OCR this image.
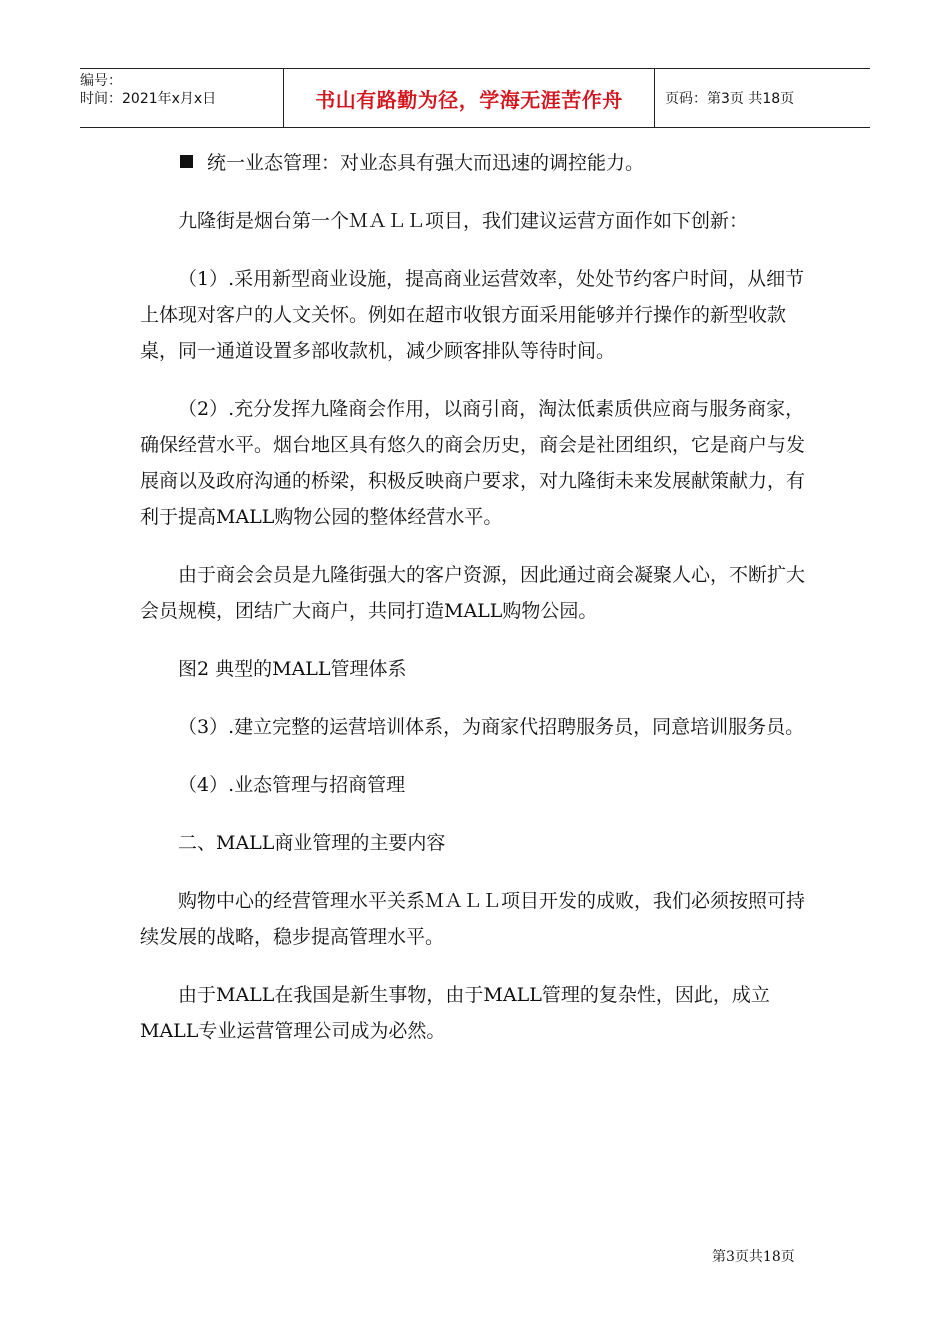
编号：
时间：2021年x月x日	书山有路勤为径，学海无涯苦作舟	页码：第3页 共18页

统一业态管理：对业态具有强大而迅速的调控能力。

九隆街是烟台第一个ＭＡＬＬ项目，我们建议运营方面作如下创新：

（1）.采用新型商业设施，提高商业运营效率，处处节约客户时间，从细节上体现对客户的人文关怀。例如在超市收银方面采用能够并行操作的新型收款桌，同一通道设置多部收款机，减少顾客排队等待时间。

（2）.充分发挥九隆商会作用，以商引商，淘汰低素质供应商与服务商家，确保经营水平。烟台地区具有悠久的商会历史，商会是社团组织，它是商户与发展商以及政府沟通的桥梁，积极反映商户要求，对九隆街未来发展献策献力，有利于提高MALL购物公园的整体经营水平。

由于商会会员是九隆街强大的客户资源，因此通过商会凝聚人心，不断扩大会员规模，团结广大商户，共同打造MALL购物公园。

图2 典型的MALL管理体系

（3）.建立完整的运营培训体系，为商家代招聘服务员，同意培训服务员。

（4）.业态管理与招商管理

二、MALL商业管理的主要内容

购物中心的经营管理水平关系ＭＡＬＬ项目开发的成败，我们必须按照可持续发展的战略，稳步提高管理水平。

由于MALL在我国是新生事物，由于MALL管理的复杂性，因此，成立MALL专业运营管理公司成为必然。

第3页共18页
